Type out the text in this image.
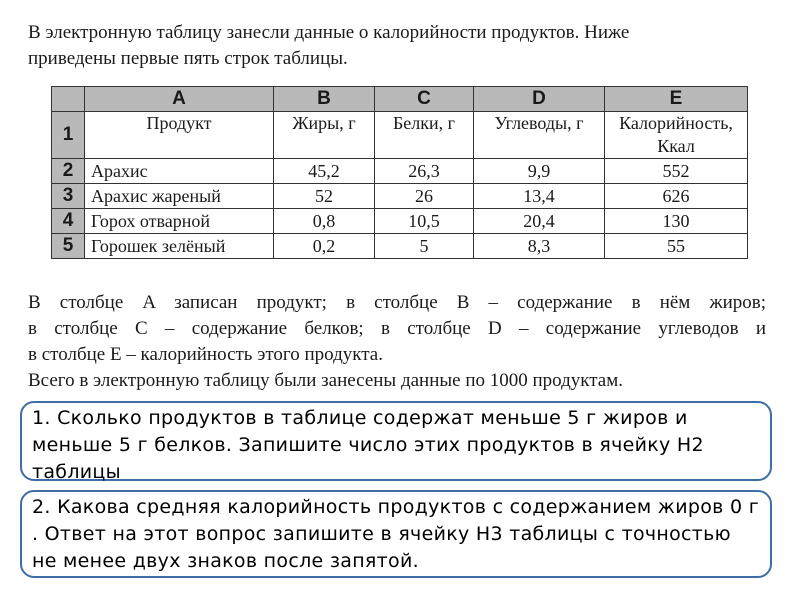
В электронную таблицу занесли данные о калорийности продуктов. Ниже
приведены первые пять строк таблицы.
	A	B	C	D	E
1	Продукт	Жиры, г	Белки, г	Углеводы, г	Калорийность,
Ккал
2	Арахис	45,2	26,3	9,9	552
3	Арахис жареный	52	26	13,4	626
4	Горох отварной	0,8	10,5	20,4	130
5	Горошек зелёный	0,2	5	8,3	55

В столбце A записан продукт; в столбце B – содержание в нём жиров;

в столбце C – содержание белков; в столбце D – содержание углеводов и

в столбце E – калорийность этого продукта.

Всего в электронную таблицу были занесены данные по 1000 продуктам.

1. Сколько продуктов в таблице содержат меньше 5 г жиров и меньше 5 г белков. Запишите число этих продуктов в ячейку H2 таблицы
2. Какова средняя калорийность продуктов с содержанием жиров 0 г . Ответ на этот вопрос запишите в ячейку H3 таблицы с точностью не менее двух знаков после запятой.
